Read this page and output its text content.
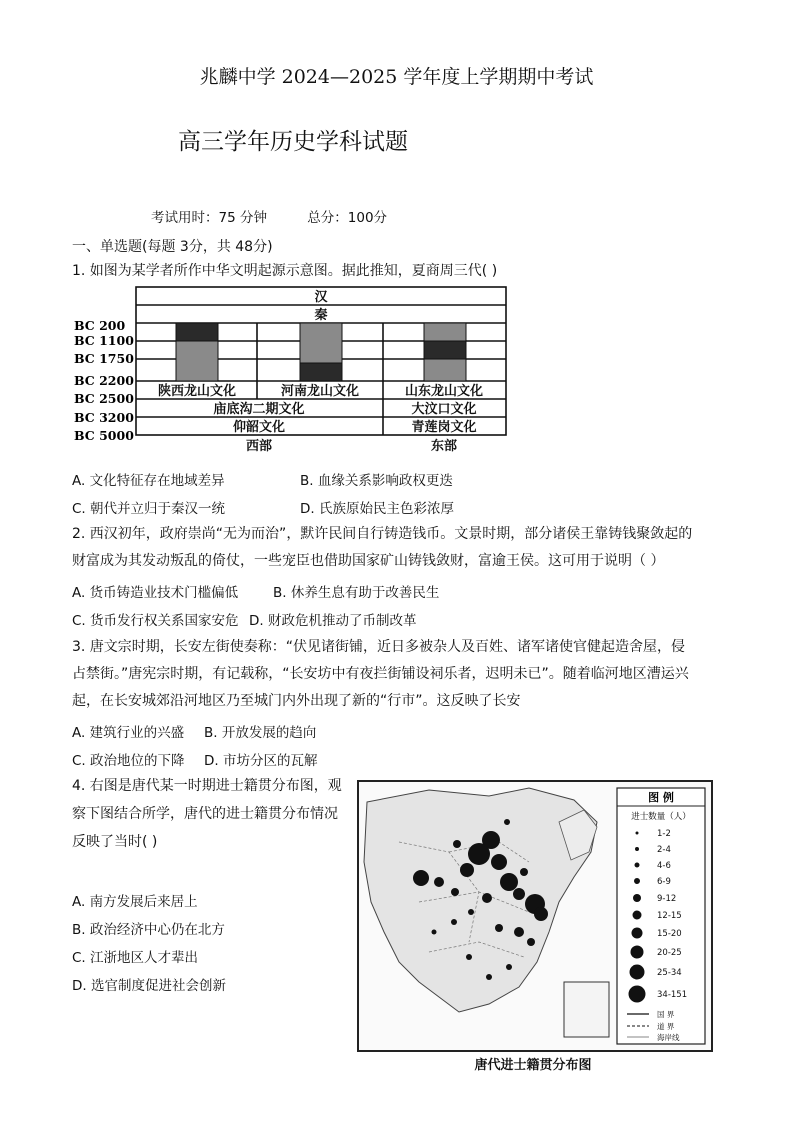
兆麟中学 2024—2025 学年度上学期期中考试
高三学年历史学科试题
考试用时：75 分钟	总分：100分
一、单选题(每题 3分，共 48分)
1. 如图为某学者所作中华文明起源示意图。据此推知，夏商周三代( )
BC 200
BC 1100
BC 1750
BC 2200
BC 2500
BC 3200
BC 5000
汉
秦
陕西龙山文化	河南龙山文化	山东龙山文化
庙底沟二期文化	大汶口文化
仰韶文化	青莲岗文化
西部	东部
A. 文化特征存在地域差异	B. 血缘关系影响政权更迭
C. 朝代并立归于秦汉一统	D. 氏族原始民主色彩浓厚
2. 西汉初年，政府崇尚“无为而治”，默许民间自行铸造钱币。文景时期，部分诸侯王靠铸钱聚敛起的
财富成为其发动叛乱的倚仗，一些宠臣也借助国家矿山铸钱敛财，富逾王侯。这可用于说明（ ）
A. 货币铸造业技术门槛偏低	B. 休养生息有助于改善民生
C. 货币发行权关系国家安危 D. 财政危机推动了币制改革
3. 唐文宗时期，长安左街使奏称：“伏见诸街铺，近日多被杂人及百姓、诸军诸使官健起造舍屋，侵
占禁街。”唐宪宗时期，有记载称，“长安坊中有夜拦街铺设祠乐者，迟明未已”。随着临河地区漕运兴
起，在长安城郊沿河地区乃至城门内外出现了新的“行市”。这反映了长安
A. 建筑行业的兴盛 B. 开放发展的趋向
C. 政治地位的下降 D. 市坊分区的瓦解
4. 右图是唐代某一时期进士籍贯分布图，观
察下图结合所学，唐代的进士籍贯分布情况
反映了当时( )
A. 南方发展后来居上
B. 政治经济中心仍在北方
C. 江浙地区人才辈出
D. 选官制度促进社会创新
图 例
进士数量（人）
1-2
2-4
4-6
6-9
9-12
12-15
15-20
20-25
25-34
34-151
国 界
道 界
海岸线
唐代进士籍贯分布图
